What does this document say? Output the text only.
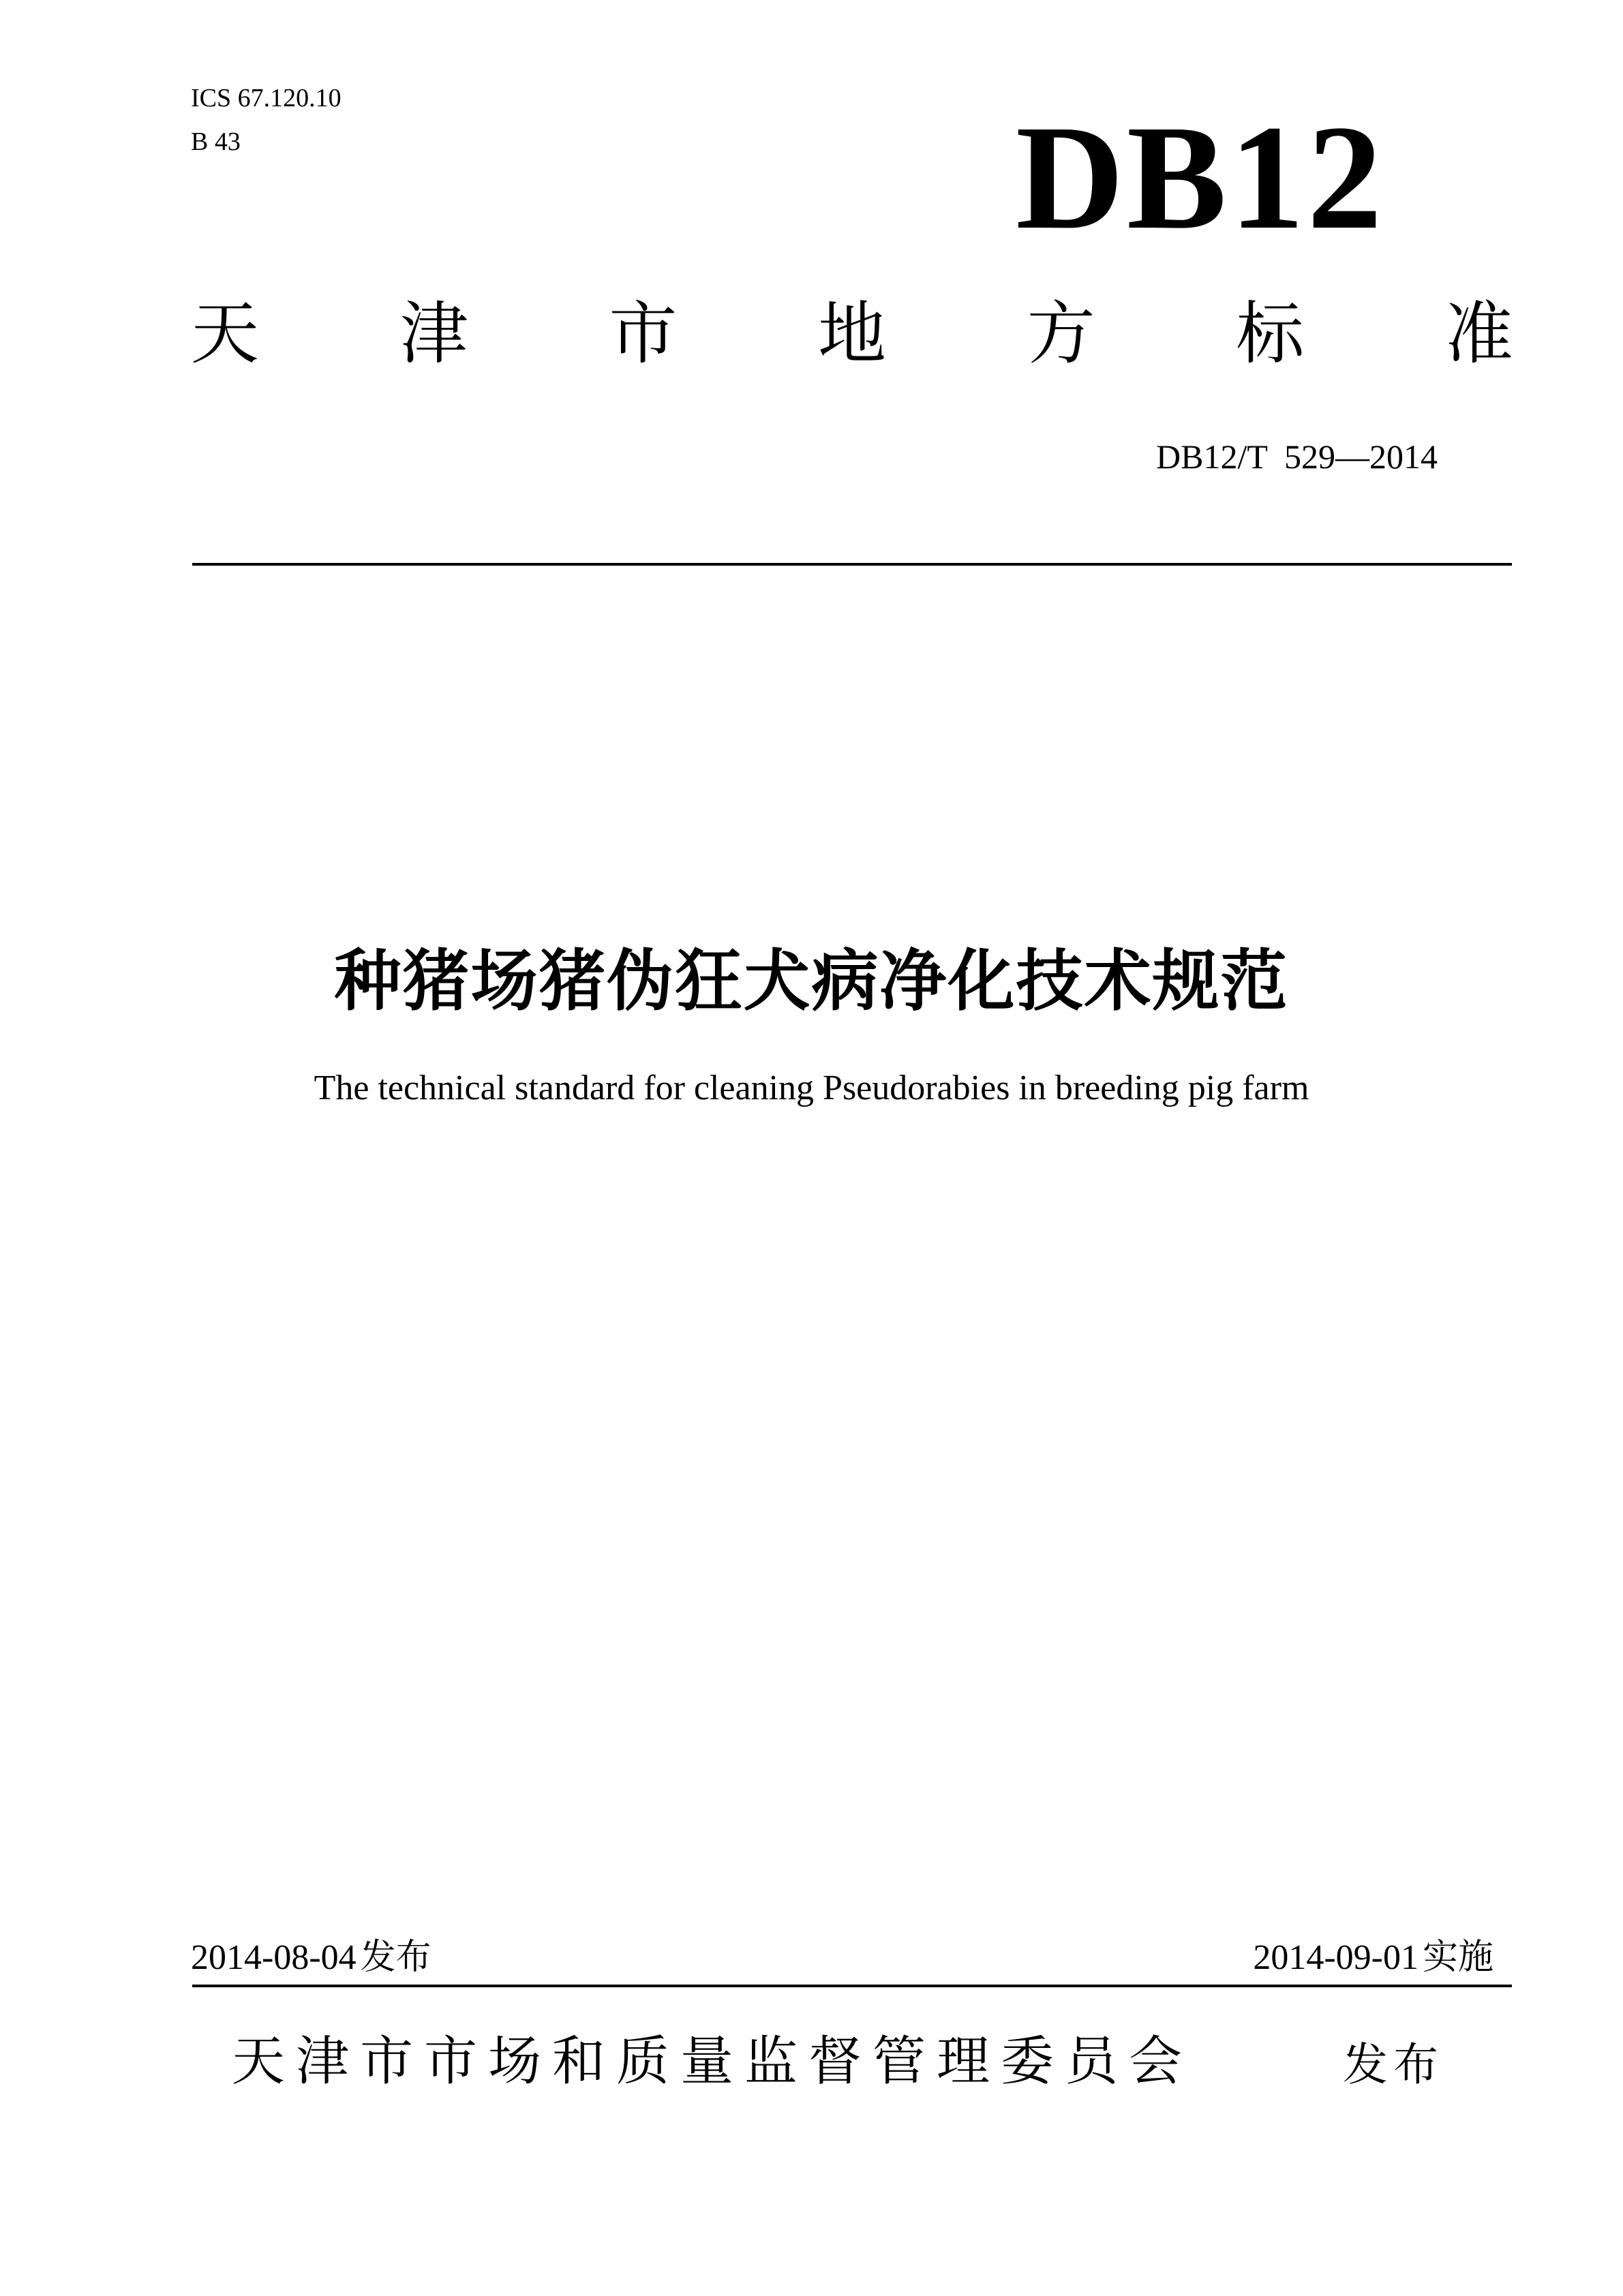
ICS 67.120.10
B 43	DB12
天 津 市 地 方 标 准
DB12/T  529—2014
种猪场猪伪狂犬病净化技术规范
The technical standard for cleaning Pseudorabies in breeding pig farm
2014-08-04 发布	2014-09-01 实施
天津市市场和质量监督管理委员会	发布
